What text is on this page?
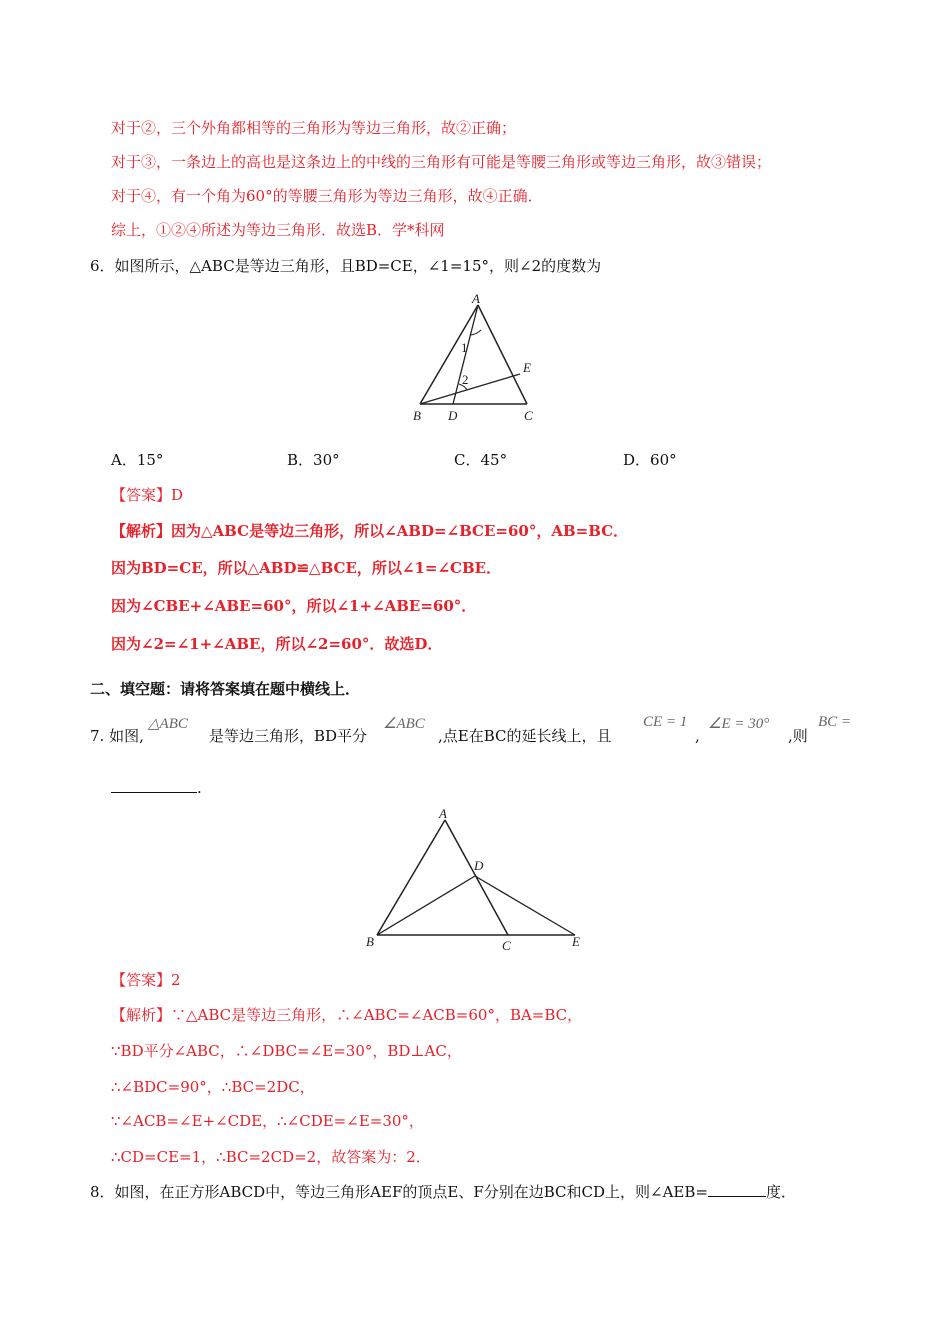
对于②，三个外角都相等的三角形为等边三角形，故②正确；
对于③，一条边上的高也是这条边上的中线的三角形有可能是等腰三角形或等边三角形，故③错误；
对于④，有一个角为60°的等腰三角形为等边三角形，故④正确．
综上，①②④所述为等边三角形．故选B．学*科网
6．如图所示，△ABC是等边三角形，且BD=CE，∠1=15°，则∠2的度数为
A
B D	C
E
1
2
A．15°	B．30°	C．45°	D．60°
【答案】D
【解析】因为△ABC是等边三角形，所以∠ABD=∠BCE=60°，AB=BC．
因为BD=CE，所以△ABD≌△BCE，所以∠1=∠CBE．
因为∠CBE+∠ABE=60°，所以∠1+∠ABE=60°．
因为∠2=∠1+∠ABE，所以∠2=60°．故选D．
二、填空题：请将答案填在题中横线上．
7. 如图,
△ABC
是等边三角形，BD平分
∠ABC
,点E在BC的延长线上，且
CE = 1
,
∠E = 30°
,则
BC =
.
A
B	C
D
E
【答案】2
【解析】∵△ABC是等边三角形，∴∠ABC=∠ACB=60°，BA=BC，
∵BD平分∠ABC，∴∠DBC=∠E=30°，BD⊥AC，
∴∠BDC=90°，∴BC=2DC，
∵∠ACB=∠E+∠CDE，∴∠CDE=∠E=30°，
∴CD=CE=1，∴BC=2CD=2，故答案为：2．
8．如图，在正方形ABCD中，等边三角形AEF的顶点E、F分别在边BC和CD上，则∠AEB=	度．
